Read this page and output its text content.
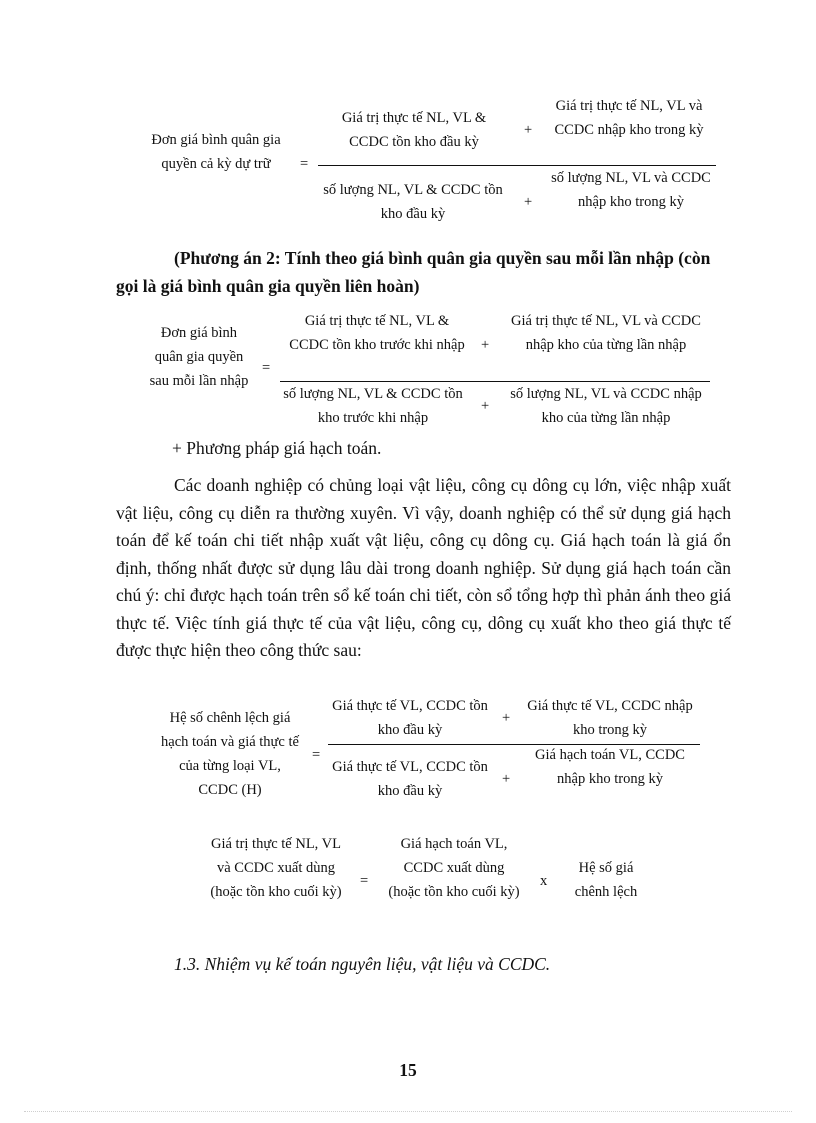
Đơn giá bình quân gia quyền cả kỳ dự trữ	=
Giá trị thực tế NL, VL & CCDC tồn kho đầu kỳ
+
Giá trị thực tế NL, VL và CCDC nhập kho trong kỳ
số lượng NL, VL & CCDC tồn kho đầu kỳ
+
số lượng NL, VL và CCDC nhập kho trong kỳ
(Phương án 2: Tính theo giá bình quân gia quyền sau mỗi lần nhập (còn gọi là giá bình quân gia quyền liên hoàn)
Đơn giá bình quân gia quyền sau mỗi lần nhập
=
Giá trị thực tế NL, VL & CCDC tồn kho trước khi nhập +
Giá trị thực tế NL, VL và CCDC nhập kho của từng lần nhập
số lượng NL, VL & CCDC tồn kho trước khi nhập
+
số lượng NL, VL và CCDC nhập kho của từng lần nhập
+ Phương pháp giá hạch toán.

Các doanh nghiệp có chủng loại vật liệu, công cụ dông cụ lớn, việc nhập xuất vật liệu, công cụ diễn ra thường xuyên. Vì vậy, doanh nghiệp có thể sử dụng giá hạch toán để kế toán chi tiết nhập xuất vật liệu, công cụ dông cụ. Giá hạch toán là giá ổn định, thống nhất được sử dụng lâu dài trong doanh nghiệp. Sử dụng giá hạch toán cần chú ý: chỉ được hạch toán trên sổ kế toán chi tiết, còn sổ tổng hợp thì phản ánh theo giá thực tế. Việc tính giá thực tế của vật liệu, công cụ, dông cụ xuất kho theo giá thực tế được thực hiện theo công thức sau:

Hệ số chênh lệch giá hạch toán và giá thực tế của từng loại VL, CCDC (H)
=
Giá thực tế VL, CCDC tồn kho đầu kỳ
+
Giá thực tế VL, CCDC nhập kho trong kỳ
Giá thực tế VL, CCDC tồn kho đầu kỳ
+
Giá hạch toán VL, CCDC nhập kho trong kỳ
Giá trị thực tế NL, VL và CCDC xuất dùng (hoặc tồn kho cuối kỳ)
=
Giá hạch toán VL, CCDC xuất dùng (hoặc tồn kho cuối kỳ)
x
Hệ số giá chênh lệch
1.3. Nhiệm vụ kế toán nguyên liệu, vật liệu và CCDC.
15
